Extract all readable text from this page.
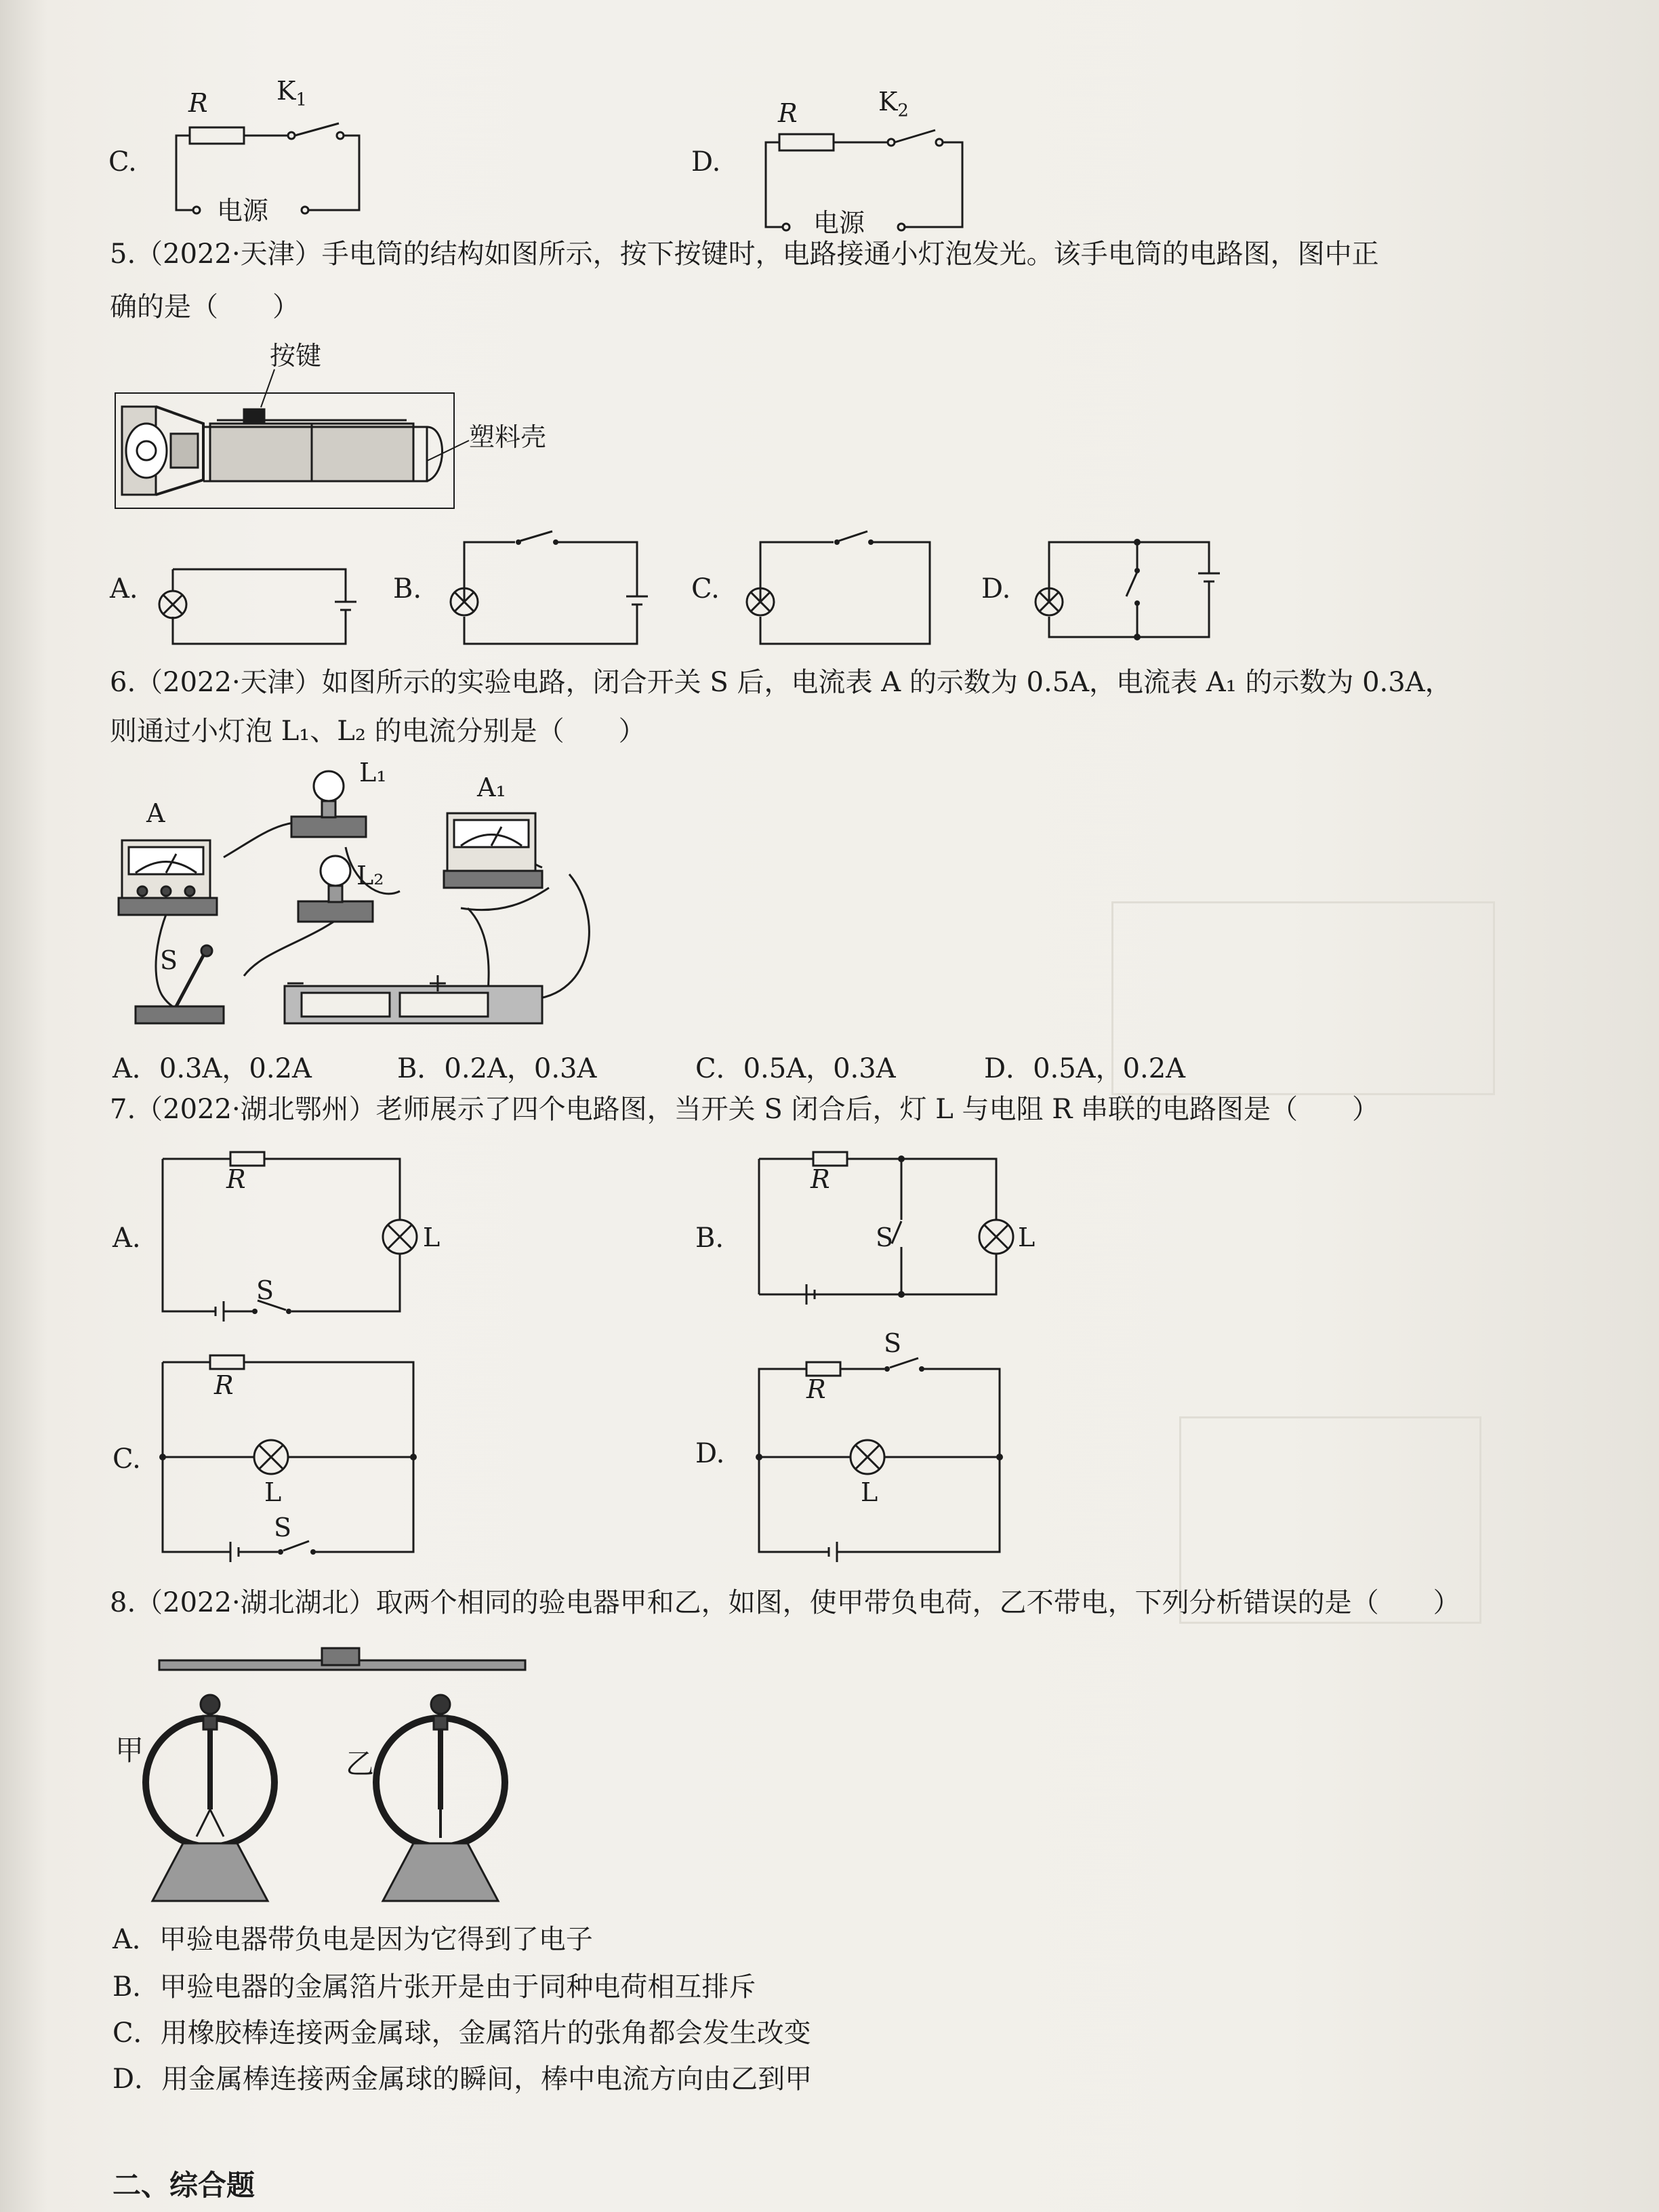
C.
R	$K_1$
电源
D.
R	$K_2$
电源
5.（2022·天津）手电筒的结构如图所示，按下按键时，电路接通小灯泡发光。该手电筒的电路图，图中正
确的是（　　）
按键
塑料壳
A.	B.	C.	D.
6.（2022·天津）如图所示的实验电路，闭合开关 S 后，电流表 A 的示数为 0.5A，电流表 A₁ 的示数为 0.3A，
则通过小灯泡 L₁、L₂ 的电流分别是（　　）
L₁
L₂
A
A₁
S
−	+
A．0.3A，0.2A	B．0.2A，0.3A	C．0.5A，0.3A	D．0.5A，0.2A
7.（2022·湖北鄂州）老师展示了四个电路图，当开关 S 闭合后，灯 L 与电阻 R 串联的电路图是（　　）
A.
R
L
S
B.
R
L
S
C.
R
L
S
D.
R
L
S
8.（2022·湖北湖北）取两个相同的验电器甲和乙，如图，使甲带负电荷，乙不带电，下列分析错误的是（　　）
甲	乙
A．甲验电器带负电是因为它得到了电子
B．甲验电器的金属箔片张开是由于同种电荷相互排斥
C．用橡胶棒连接两金属球，金属箔片的张角都会发生改变
D．用金属棒连接两金属球的瞬间，棒中电流方向由乙到甲
二、综合题
